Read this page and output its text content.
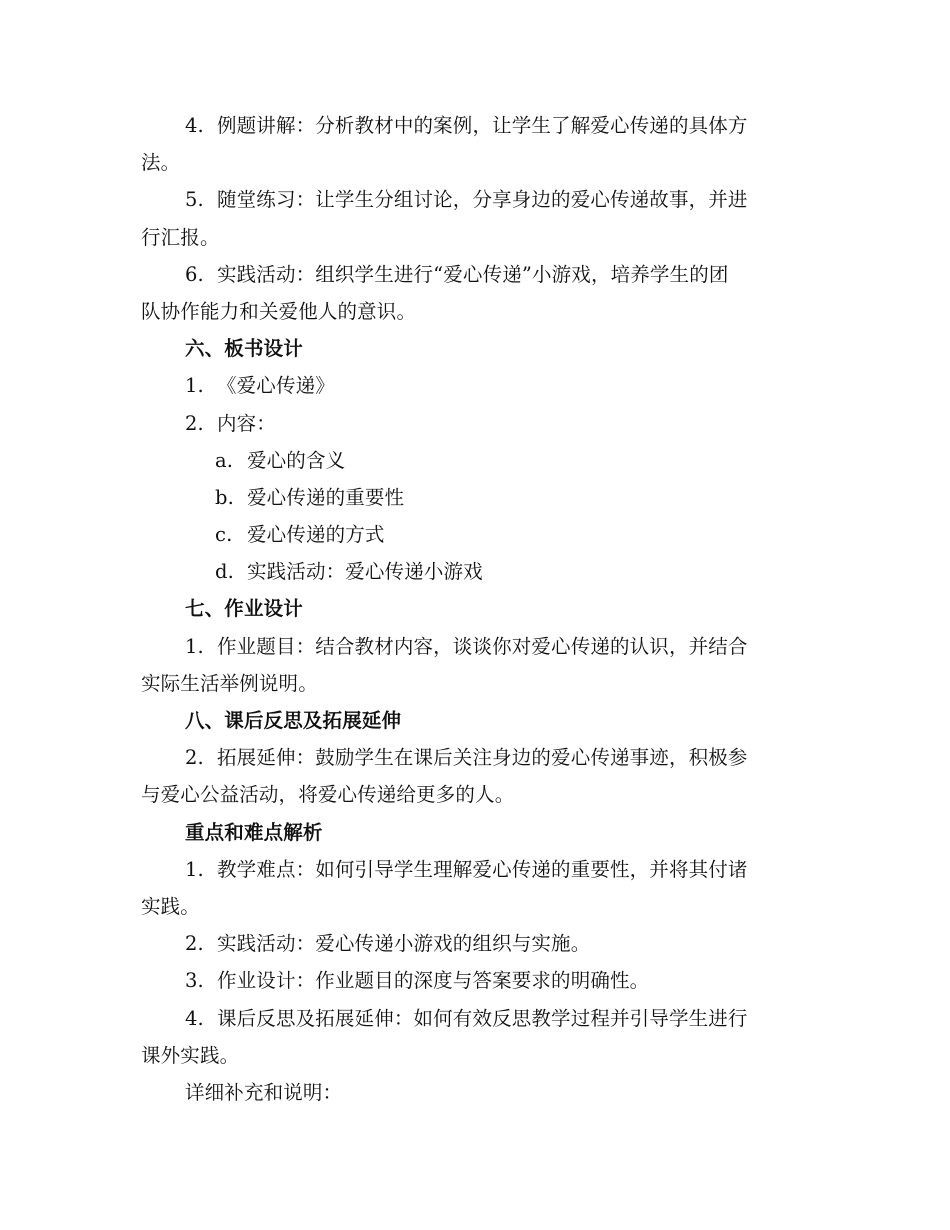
4. 例题讲解：分析教材中的案例，让学生了解爱心传递的具体方
法。
5. 随堂练习：让学生分组讨论，分享身边的爱心传递故事，并进
行汇报。
6. 实践活动：组织学生进行“爱心传递”小游戏，培养学生的团
队协作能力和关爱他人的意识。
六、板书设计
1. 《爱心传递》
2. 内容：
a. 爱心的含义
b. 爱心传递的重要性
c. 爱心传递的方式
d. 实践活动：爱心传递小游戏
七、作业设计
1. 作业题目：结合教材内容，谈谈你对爱心传递的认识，并结合
实际生活举例说明。
八、课后反思及拓展延伸
2. 拓展延伸：鼓励学生在课后关注身边的爱心传递事迹，积极参
与爱心公益活动，将爱心传递给更多的人。
重点和难点解析
1. 教学难点：如何引导学生理解爱心传递的重要性，并将其付诸
实践。
2. 实践活动：爱心传递小游戏的组织与实施。
3. 作业设计：作业题目的深度与答案要求的明确性。
4. 课后反思及拓展延伸：如何有效反思教学过程并引导学生进行
课外实践。
详细补充和说明：
